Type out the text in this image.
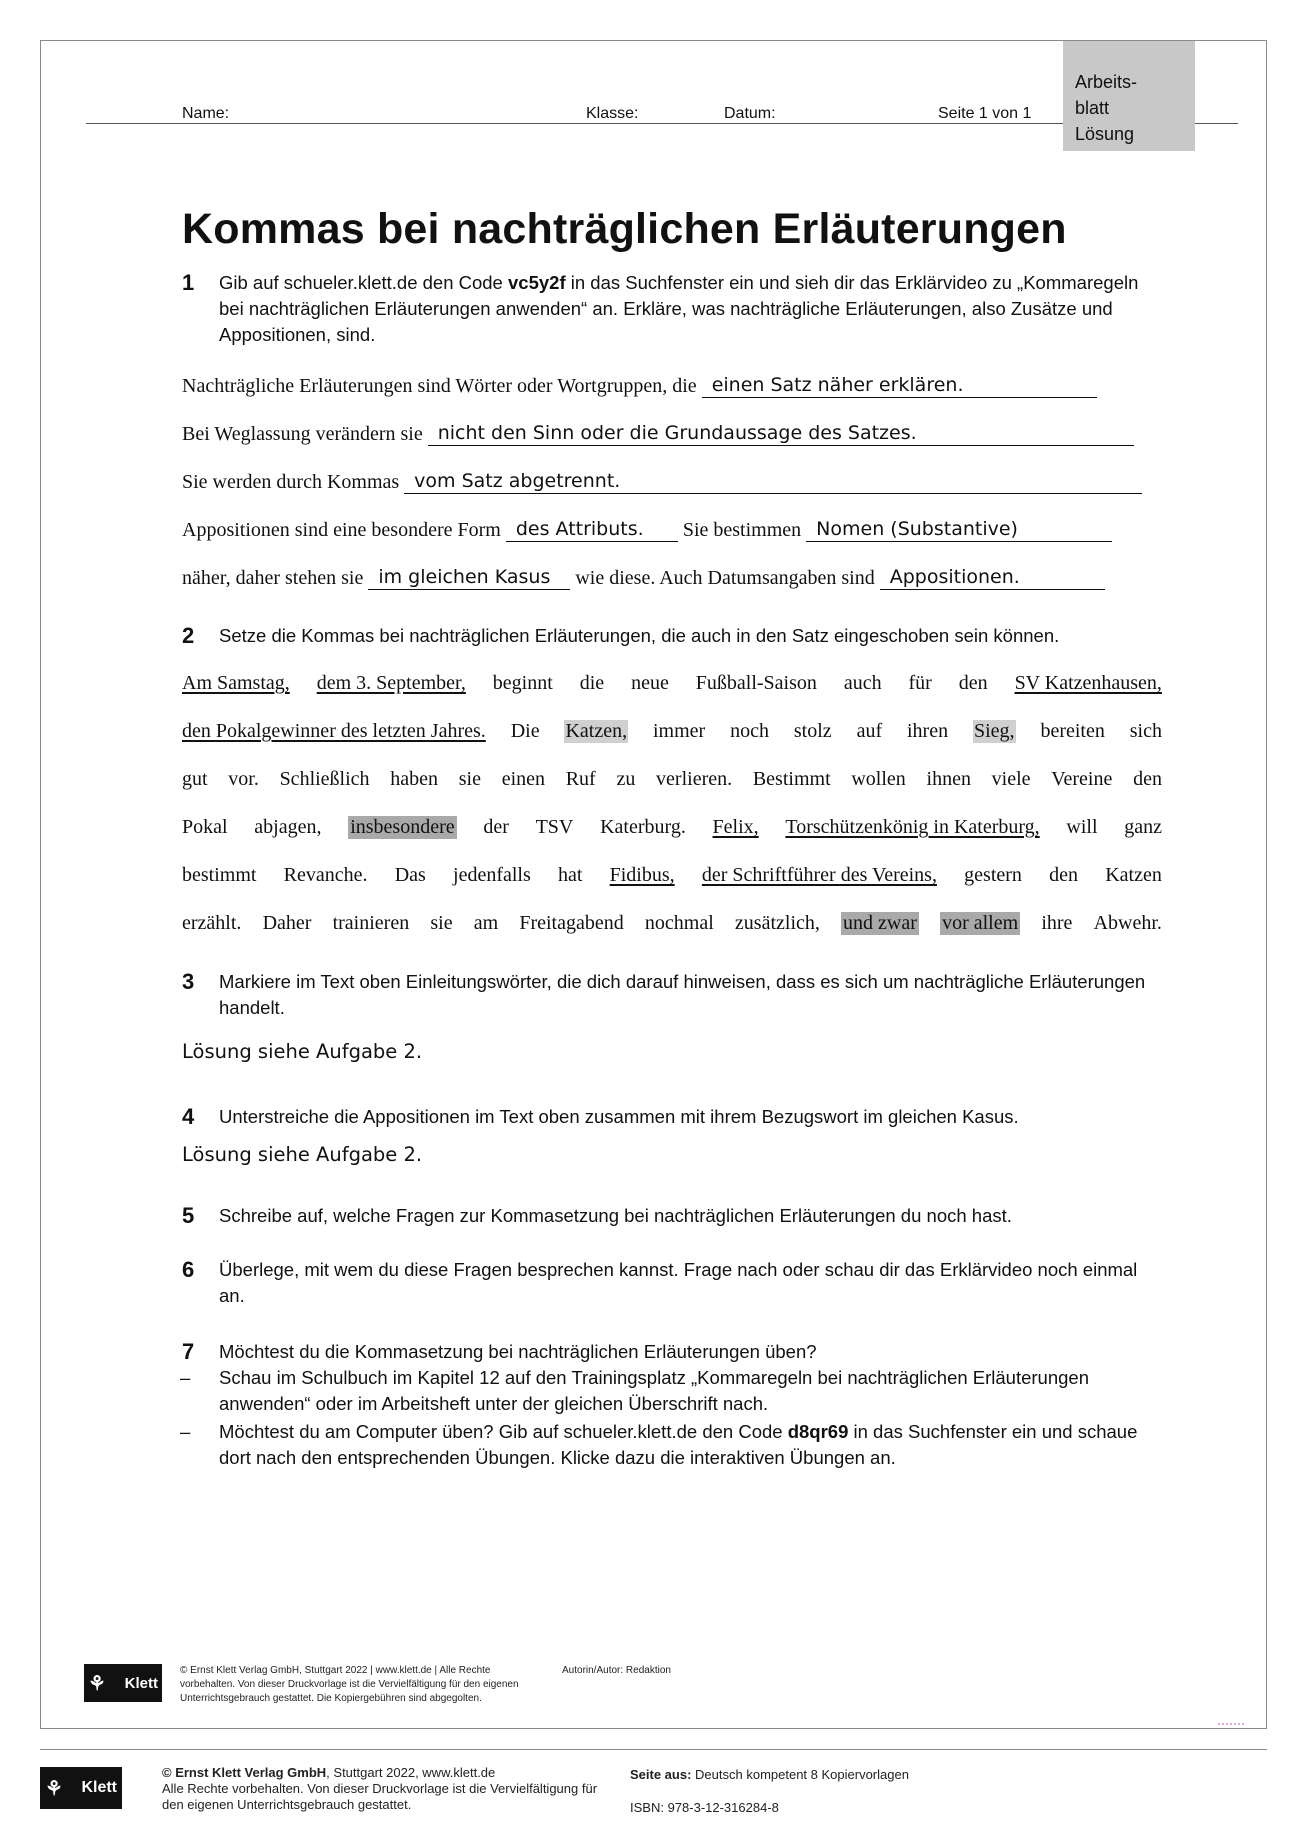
Name:	Klasse:	Datum:	Seite 1 von 1
Arbeits-
blatt
Lösung
Kommas bei nachträglichen Erläuterungen
1 Gib auf schueler.klett.de den Code vc5y2f in das Suchfenster ein und sieh dir das Erklärvideo zu „Kommaregeln bei nachträglichen Erläuterungen anwenden“ an. Erkläre, was nachträgliche Erläuterungen, also Zusätze und Appositionen, sind.
Nachträgliche Erläuterungen sind Wörter oder Wortgruppen, die einen Satz näher erklären.
Bei Weglassung verändern sie nicht den Sinn oder die Grundaussage des Satzes.
Sie werden durch Kommas vom Satz abgetrennt.
Appositionen sind eine besondere Form des Attributs. Sie bestimmen Nomen (Substantive)
näher, daher stehen sie im gleichen Kasus wie diese. Auch Datumsangaben sind Appositionen.
2 Setze die Kommas bei nachträglichen Erläuterungen, die auch in den Satz eingeschoben sein können.
Am Samstag, dem 3. September, beginnt die neue Fußball-Saison auch für den SV Katzenhausen,
den Pokalgewinner des letzten Jahres. Die Katzen, immer noch stolz auf ihren Sieg, bereiten sich
gut vor. Schließlich haben sie einen Ruf zu verlieren. Bestimmt wollen ihnen viele Vereine den
Pokal abjagen, insbesondere der TSV Katerburg. Felix, Torschützenkönig in Katerburg, will ganz
bestimmt Revanche. Das jedenfalls hat Fidibus, der Schriftführer des Vereins, gestern den Katzen
erzählt. Daher trainieren sie am Freitagabend nochmal zusätzlich, und zwar vor allem ihre Abwehr.
3 Markiere im Text oben Einleitungswörter, die dich darauf hinweisen, dass es sich um nachträgliche Erläuterungen handelt.
Lösung siehe Aufgabe 2.
4 Unterstreiche die Appositionen im Text oben zusammen mit ihrem Bezugswort im gleichen Kasus.
Lösung siehe Aufgabe 2.
5 Schreibe auf, welche Fragen zur Kommasetzung bei nachträglichen Erläuterungen du noch hast.
6 Überlege, mit wem du diese Fragen besprechen kannst. Frage nach oder schau dir das Erklärvideo noch einmal an.
7 Möchtest du die Kommasetzung bei nachträglichen Erläuterungen üben?
– Schau im Schulbuch im Kapitel 12 auf den Trainingsplatz „Kommaregeln bei nachträglichen Erläuterungen anwenden“ oder im Arbeitsheft unter der gleichen Überschrift nach.
– Möchtest du am Computer üben? Gib auf schueler.klett.de den Code d8qr69 in das Suchfenster ein und schaue dort nach den entsprechenden Übungen. Klicke dazu die interaktiven Übungen an.
⚘ Klett
© Ernst Klett Verlag GmbH, Stuttgart 2022 | www.klett.de | Alle Rechte vorbehalten. Von dieser Druckvorlage ist die Vervielfältigung für den eigenen Unterrichtsgebrauch gestattet. Die Kopiergebühren sind abgegolten.
Autorin/Autor: Redaktion
⚘ Klett
© Ernst Klett Verlag GmbH, Stuttgart 2022, www.klett.de
Alle Rechte vorbehalten. Von dieser Druckvorlage ist die Vervielfältigung für den eigenen Unterrichtsgebrauch gestattet.
Seite aus: Deutsch kompetent 8 Kopiervorlagen
ISBN: 978-3-12-316284-8
